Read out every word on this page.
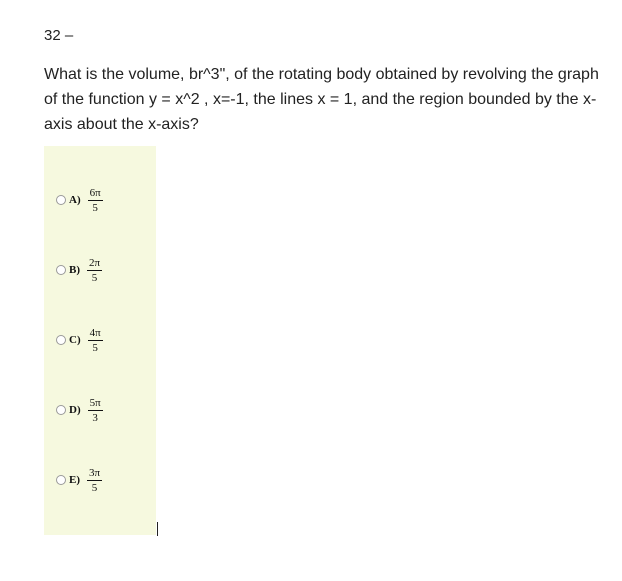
32 –
What is the volume, br^3", of the rotating body obtained by revolving the graph of the function y = x^2 , x=-1, the lines x = 1, and the region bounded by the x-axis about the x-axis?
$A) \frac{6\pi}{5}$
$B) \frac{2\pi}{5}$
$C) \frac{4\pi}{5}$
$D) \frac{5\pi}{3}$
$E) \frac{3\pi}{5}$
